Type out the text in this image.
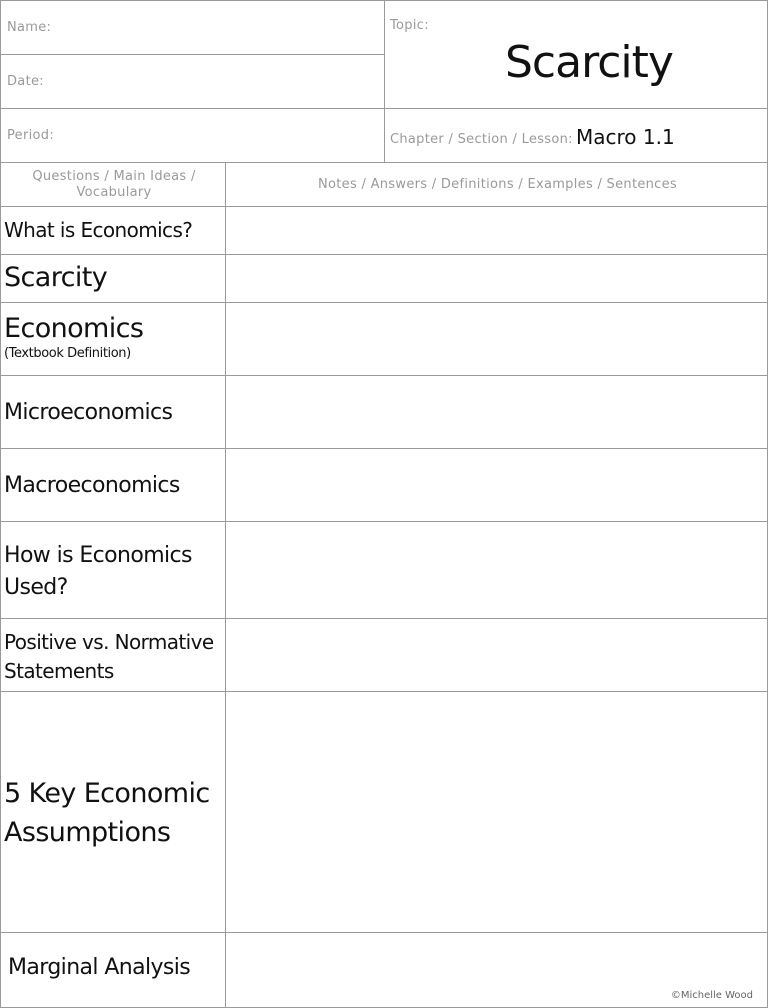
Name:
Date:
Period:
Topic:
Scarcity
Chapter / Section / Lesson: Macro 1.1
Questions / Main Ideas / Vocabulary
Notes / Answers / Definitions / Examples / Sentences
What is Economics?
Scarcity
Economics
(Textbook Definition)
Microeconomics
Macroeconomics
How is Economics Used?
Positive vs. Normative Statements
5 Key Economic Assumptions
Marginal Analysis
©Michelle Wood
